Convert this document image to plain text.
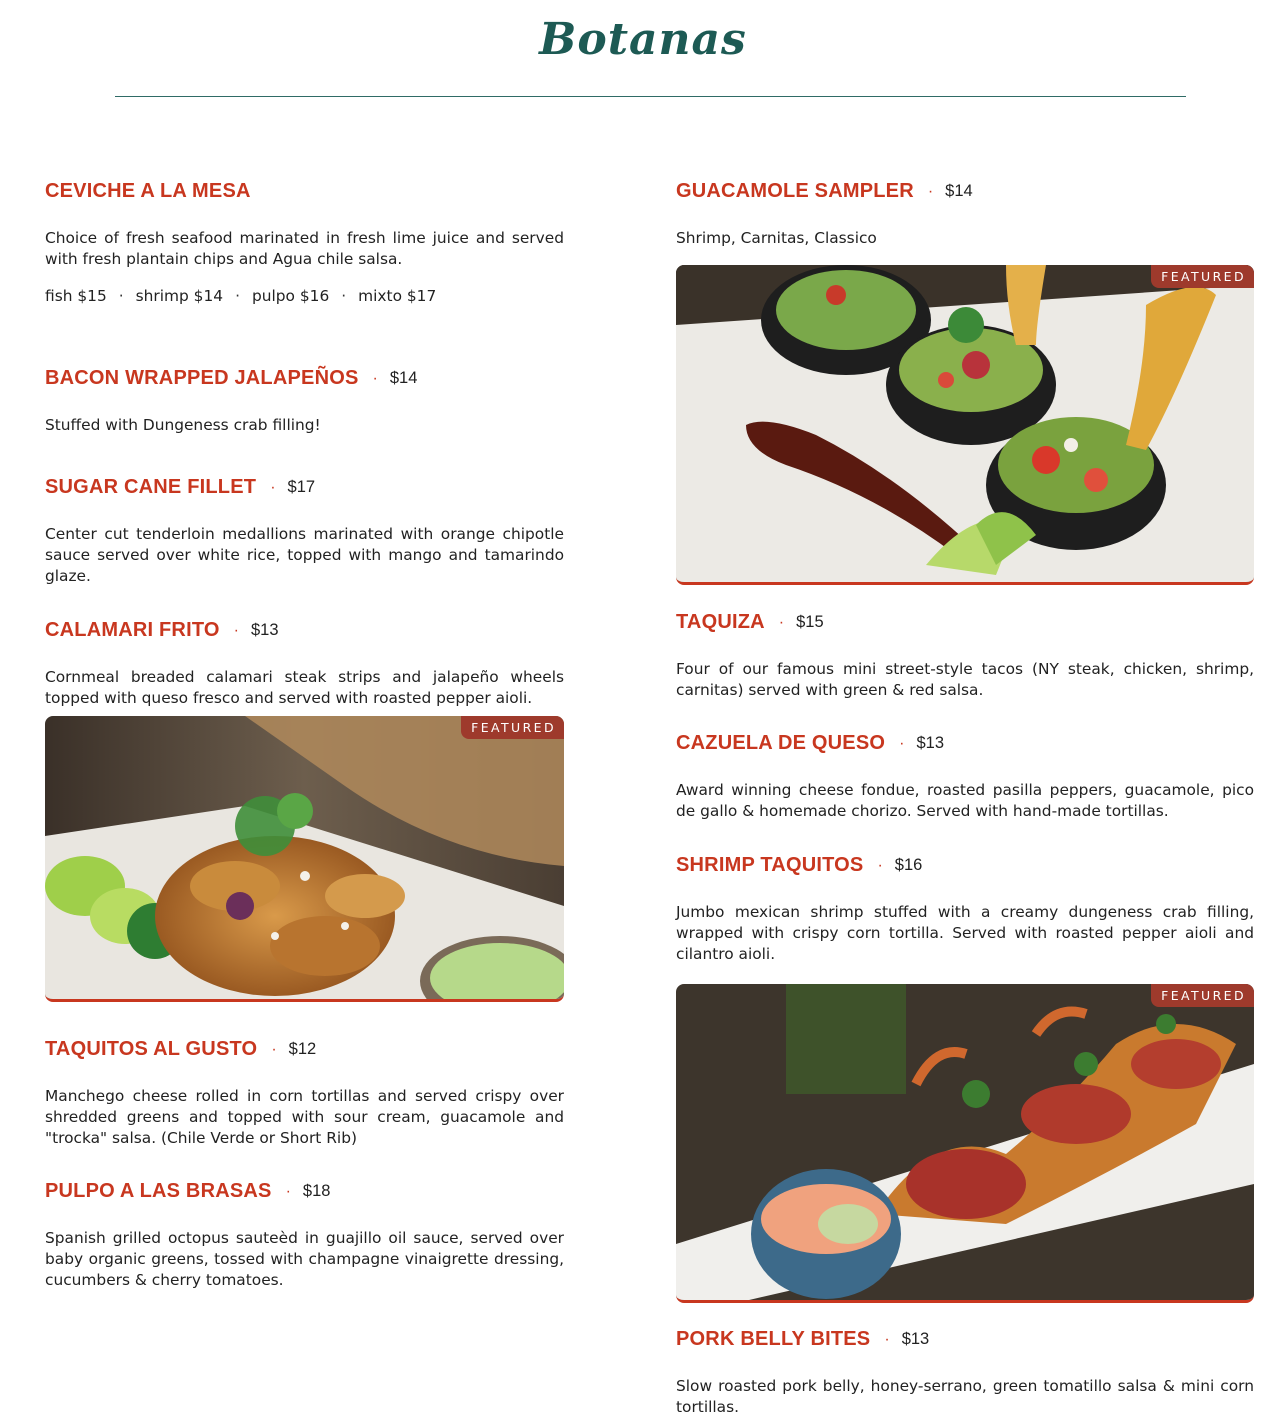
Botanas
CEVICHE A LA MESA
Choice of fresh seafood marinated in fresh lime juice and served with fresh plantain chips and Agua chile salsa.
fish $15 · shrimp $14 · pulpo $16 · mixto $17
BACON WRAPPED JALAPEÑOS · $14
Stuffed with Dungeness crab filling!
SUGAR CANE FILLET · $17
Center cut tenderloin medallions marinated with orange chipotle sauce served over white rice, topped with mango and tamarindo glaze.
CALAMARI FRITO · $13
Cornmeal breaded calamari steak strips and jalapeño wheels topped with queso fresco and served with roasted pepper aioli.
FEATURED
TAQUITOS AL GUSTO · $12
Manchego cheese rolled in corn tortillas and served crispy over shredded greens and topped with sour cream, guacamole and "trocka" salsa. (Chile Verde or Short Rib)
PULPO A LAS BRASAS · $18
Spanish grilled octopus sauteèd in guajillo oil sauce, served over baby organic greens, tossed with champagne vinaigrette dressing, cucumbers & cherry tomatoes.
GUACAMOLE SAMPLER · $14
Shrimp, Carnitas, Classico
FEATURED
TAQUIZA · $15
Four of our famous mini street-style tacos (NY steak, chicken, shrimp, carnitas) served with green & red salsa.
CAZUELA DE QUESO · $13
Award winning cheese fondue, roasted pasilla peppers, guacamole, pico de gallo & homemade chorizo. Served with hand-made tortillas.
SHRIMP TAQUITOS · $16
Jumbo mexican shrimp stuffed with a creamy dungeness crab filling, wrapped with crispy corn tortilla. Served with roasted pepper aioli and cilantro aioli.
FEATURED
PORK BELLY BITES · $13
Slow roasted pork belly, honey-serrano, green tomatillo salsa & mini corn tortillas.
